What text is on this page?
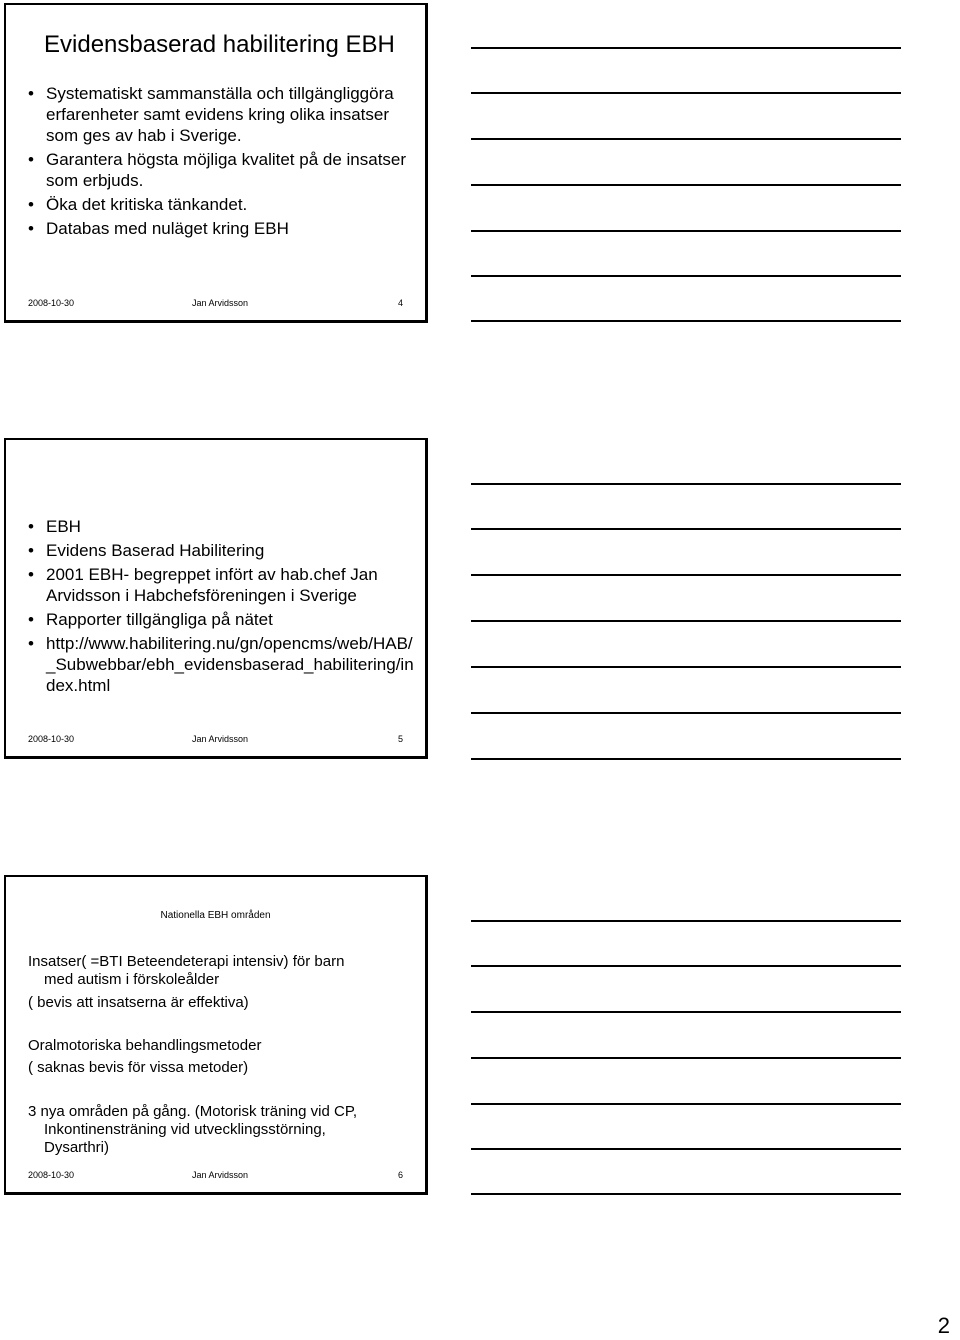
Evidensbaserad habilitering EBH
• Systematiskt sammanställa och tillgängliggöra erfarenheter samt evidens kring olika insatser som ges av hab i Sverige.
• Garantera högsta möjliga kvalitet på de insatser som erbjuds.
• Öka det kritiska tänkandet.
• Databas med nuläget kring EBH
2008-10-30	Jan Arvidsson	4
• EBH
• Evidens Baserad Habilitering
• 2001 EBH- begreppet infört av hab.chef Jan Arvidsson i Habchefsföreningen i Sverige
• Rapporter tillgängliga på nätet
• http://www.habilitering.nu/gn/opencms/web/HAB/_Subwebbar/ebh_evidensbaserad_habilitering/index.html
2008-10-30	Jan Arvidsson	5
Nationella EBH områden

Insatser( =BTI Beteendeterapi intensiv) för barn
med autism i förskoleålder

( bevis att insatserna är effektiva)

Oralmotoriska behandlingsmetoder

( saknas bevis för vissa metoder)

3 nya områden på gång. (Motorisk träning vid CP,
Inkontinensträning vid utvecklingsstörning,
Dysarthri)

2008-10-30	Jan Arvidsson	6
2
